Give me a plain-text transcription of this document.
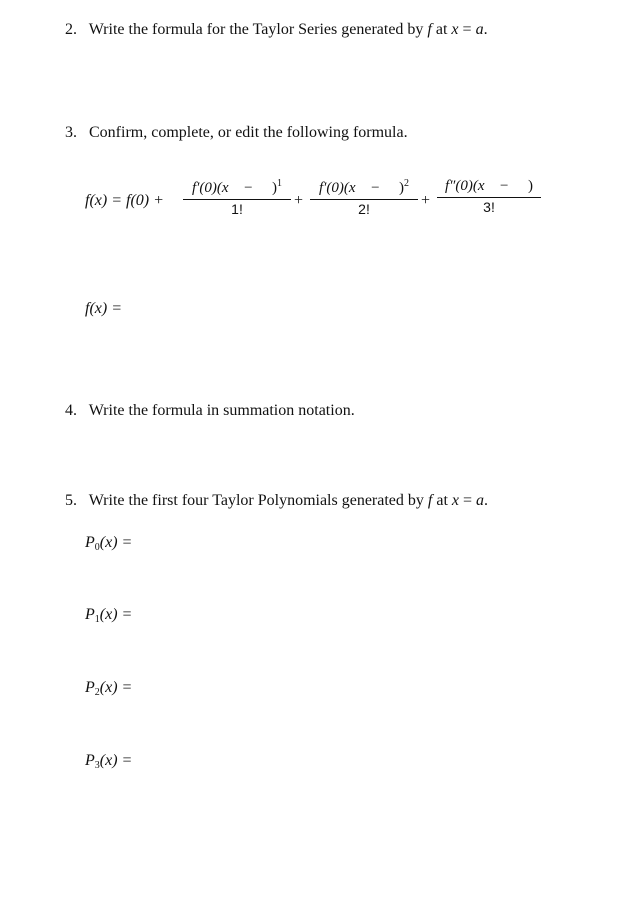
2. Write the formula for the Taylor Series generated by f at x = a.
3. Confirm, complete, or edit the following formula.
$f(x) = f(0) + \frac{f'(0)(x - )^1}{1!} + \frac{f'(0)(x - )^2}{2!} + \frac{f''(0)(x - )}{3!}$
f(x) =
4. Write the formula in summation notation.
5. Write the first four Taylor Polynomials generated by f at x = a.
$P_0(x)$ =
$P_1(x)$ =
$P_2(x)$ =
$P_3(x)$ =
